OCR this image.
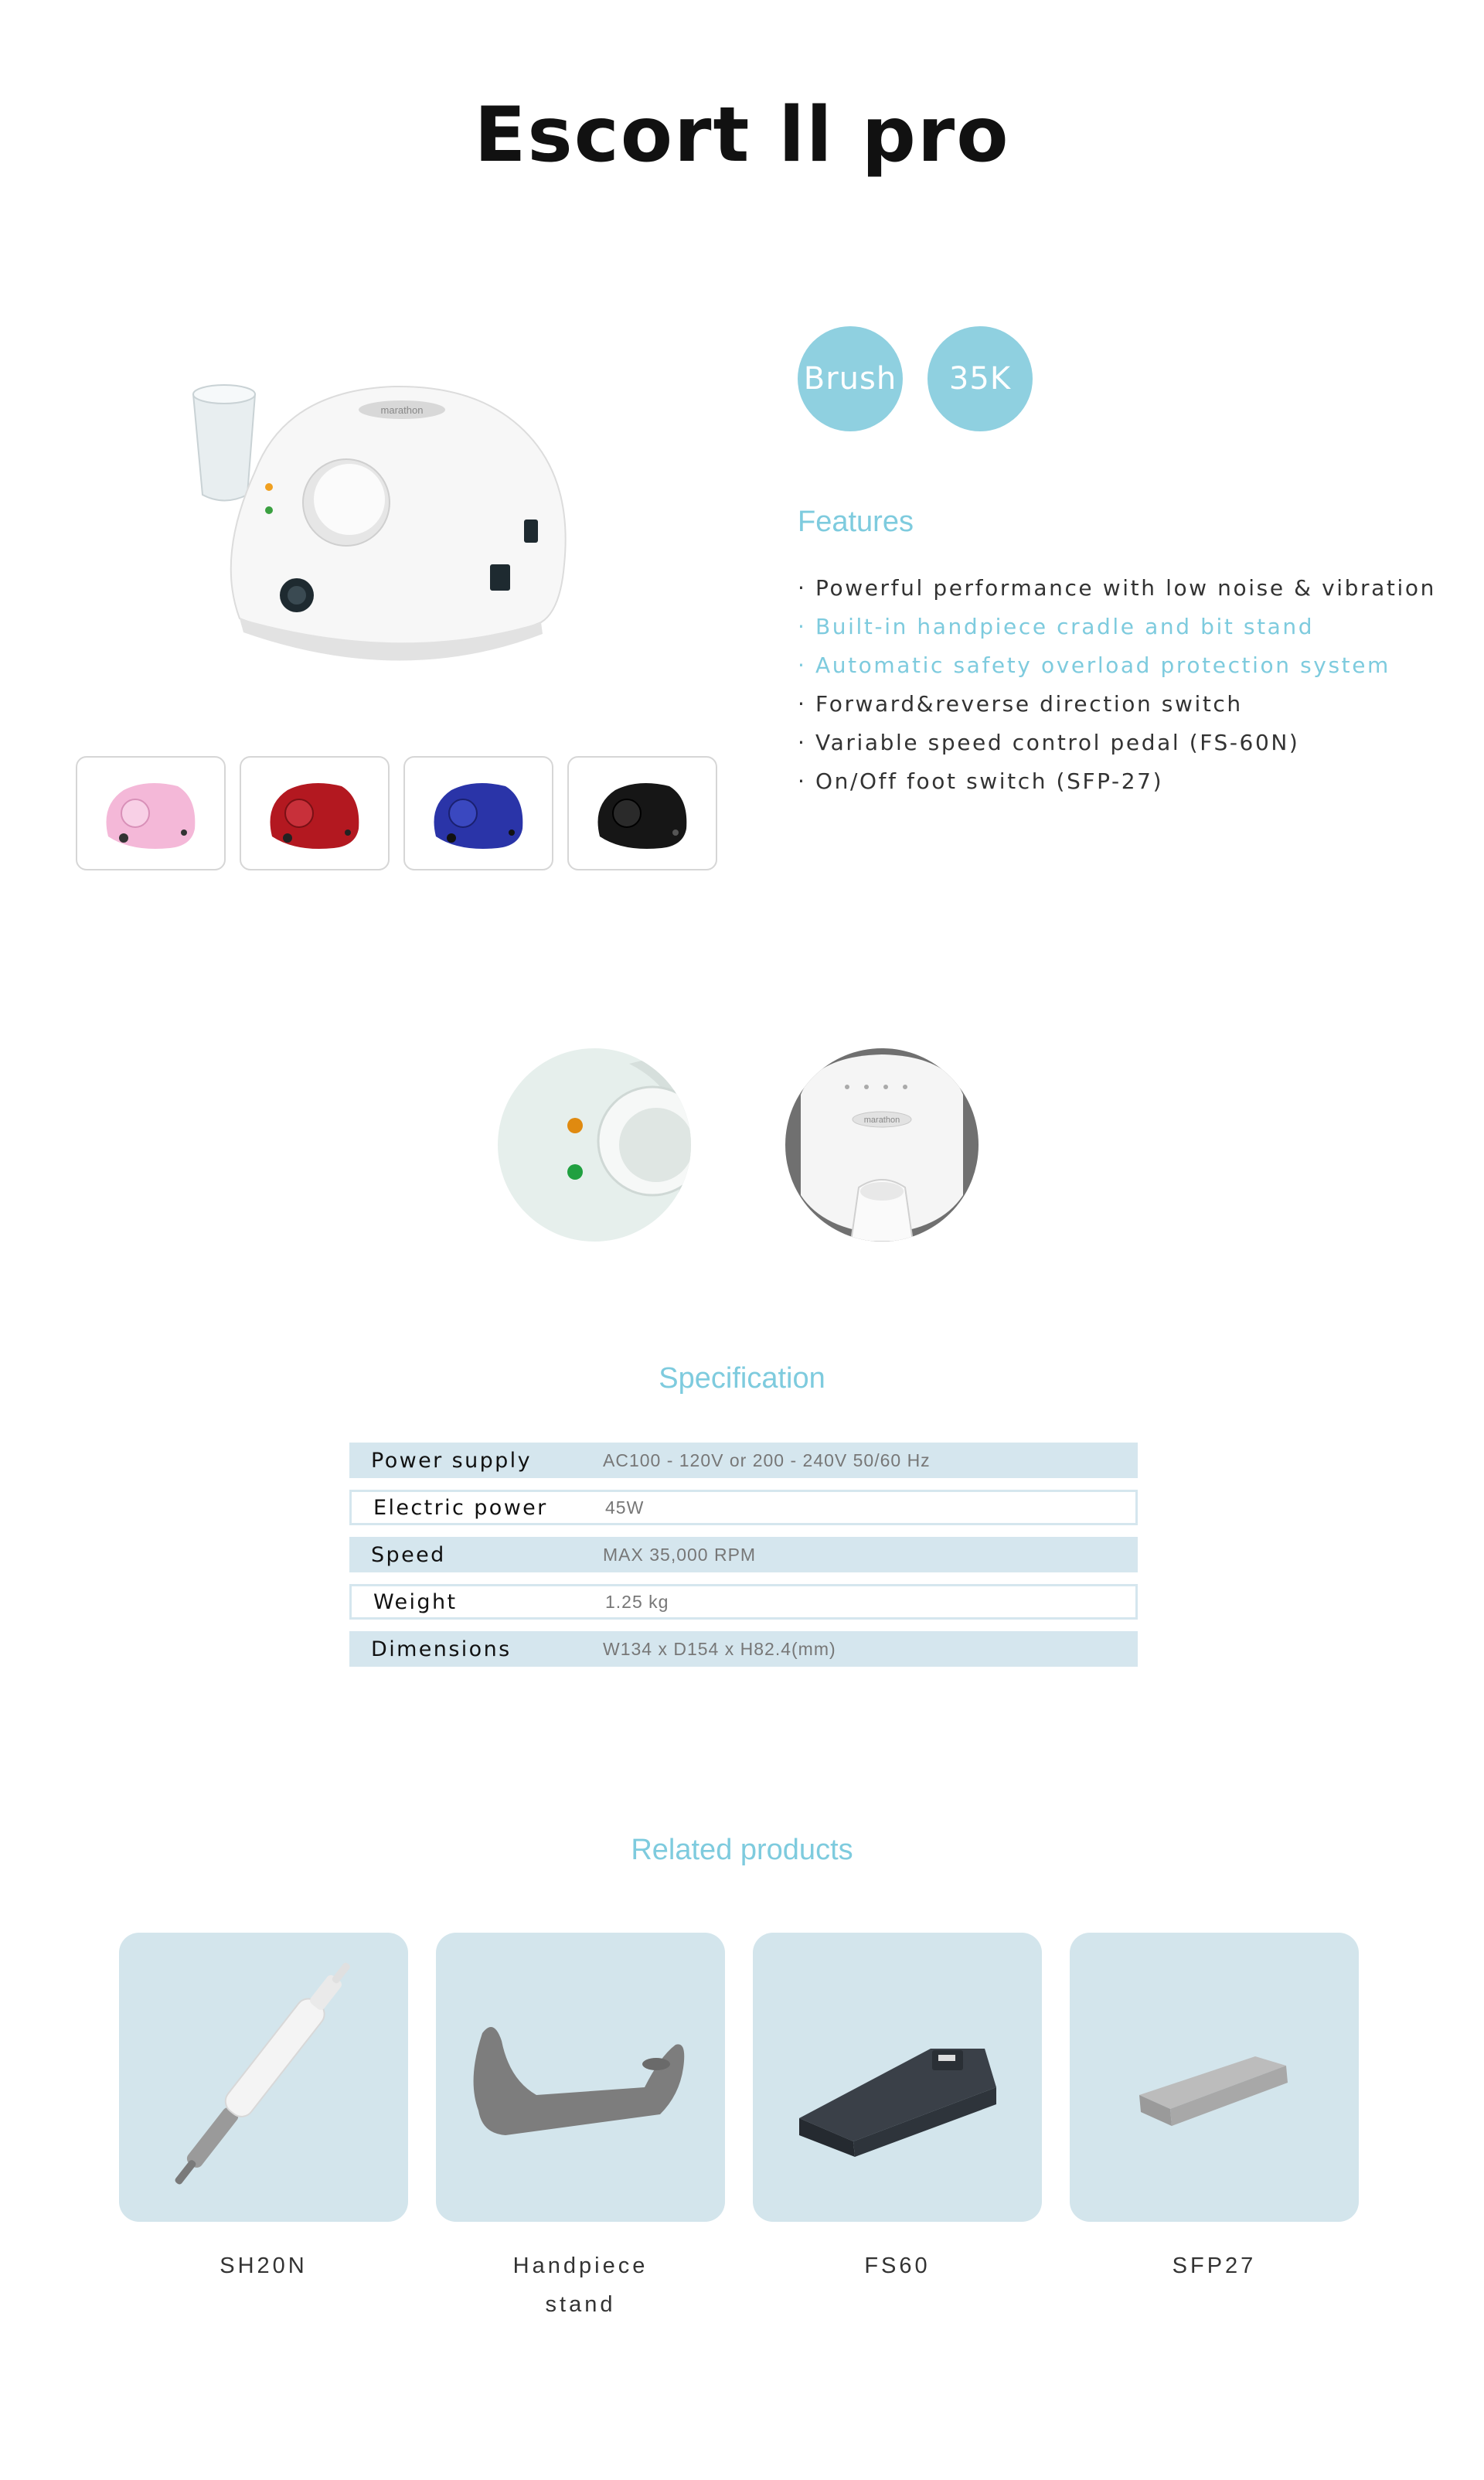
Escort ll pro
marathon
Brush	35K
Features
· Powerful performance with low noise & vibration
· Built-in handpiece cradle and bit stand
· Automatic safety overload protection system
· Forward&reverse direction switch
· Variable speed control pedal (FS-60N)
· On/Off foot switch (SFP-27)
marathon
Specification
Power supply	AC100 - 120V or 200 - 240V 50/60 Hz
Electric power	45W
Speed	MAX 35,000 RPM
Weight	1.25 kg
Dimensions	W134 x D154 x H82.4(mm)
Related products
SH20N	Handpiece
stand
FS60	SFP27
